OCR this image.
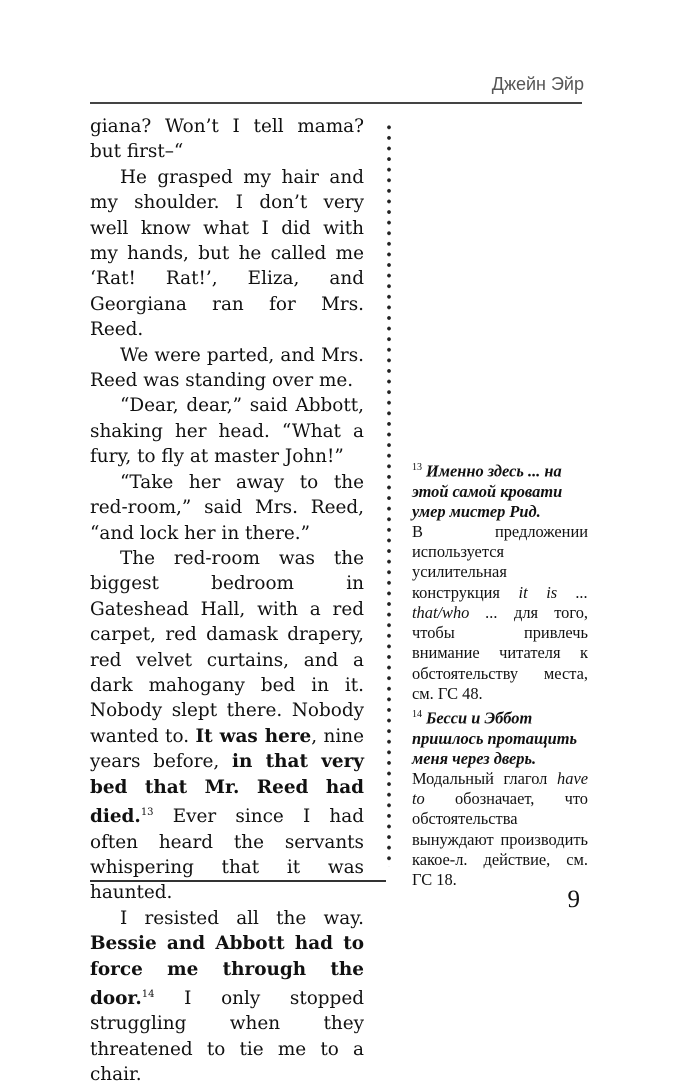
Джейн Эйр

giana? Won’t I tell mama? but first–“

He grasped my hair and my shoulder. I don’t very well know what I did with my hands, but he called me ‘Rat! Rat!’, Eliza, and Georgiana ran for Mrs. Reed.

We were parted, and Mrs. Reed was standing over me.

“Dear, dear,” said Abbott, shaking her head. “What a fury, to fly at master John!”

“Take her away to the red-room,” said Mrs. Reed, “and lock her in there.”

The red-room was the biggest bedroom in Gateshead Hall, with a red carpet, red damask drapery, red velvet curtains, and a dark mahogany bed in it. Nobody slept there. Nobody wanted to. It was here, nine years before, in that very bed that Mr. Reed had died.$^{13}$ Ever since I had often heard the servants whispering that it was haunted.

I resisted all the way. Bessie and Abbott had to force me through the door.$^{14}$ I only stopped struggling when they threatened to tie me to a chair.

$^{13}$ Именно здесь ... на этой самой кровати умер мистер Рид.
В предложении используется усилительная конструкция it is ... that/who ... для того, чтобы привлечь внимание читателя к обстоятельству места, см. ГС 48.
$^{14}$ Бесси и Эббот пришлось протащить меня через дверь.
Модальный глагол have to обозначает, что обстоятельства вынуждают производить какое-л. действие, см. ГС 18.
9
